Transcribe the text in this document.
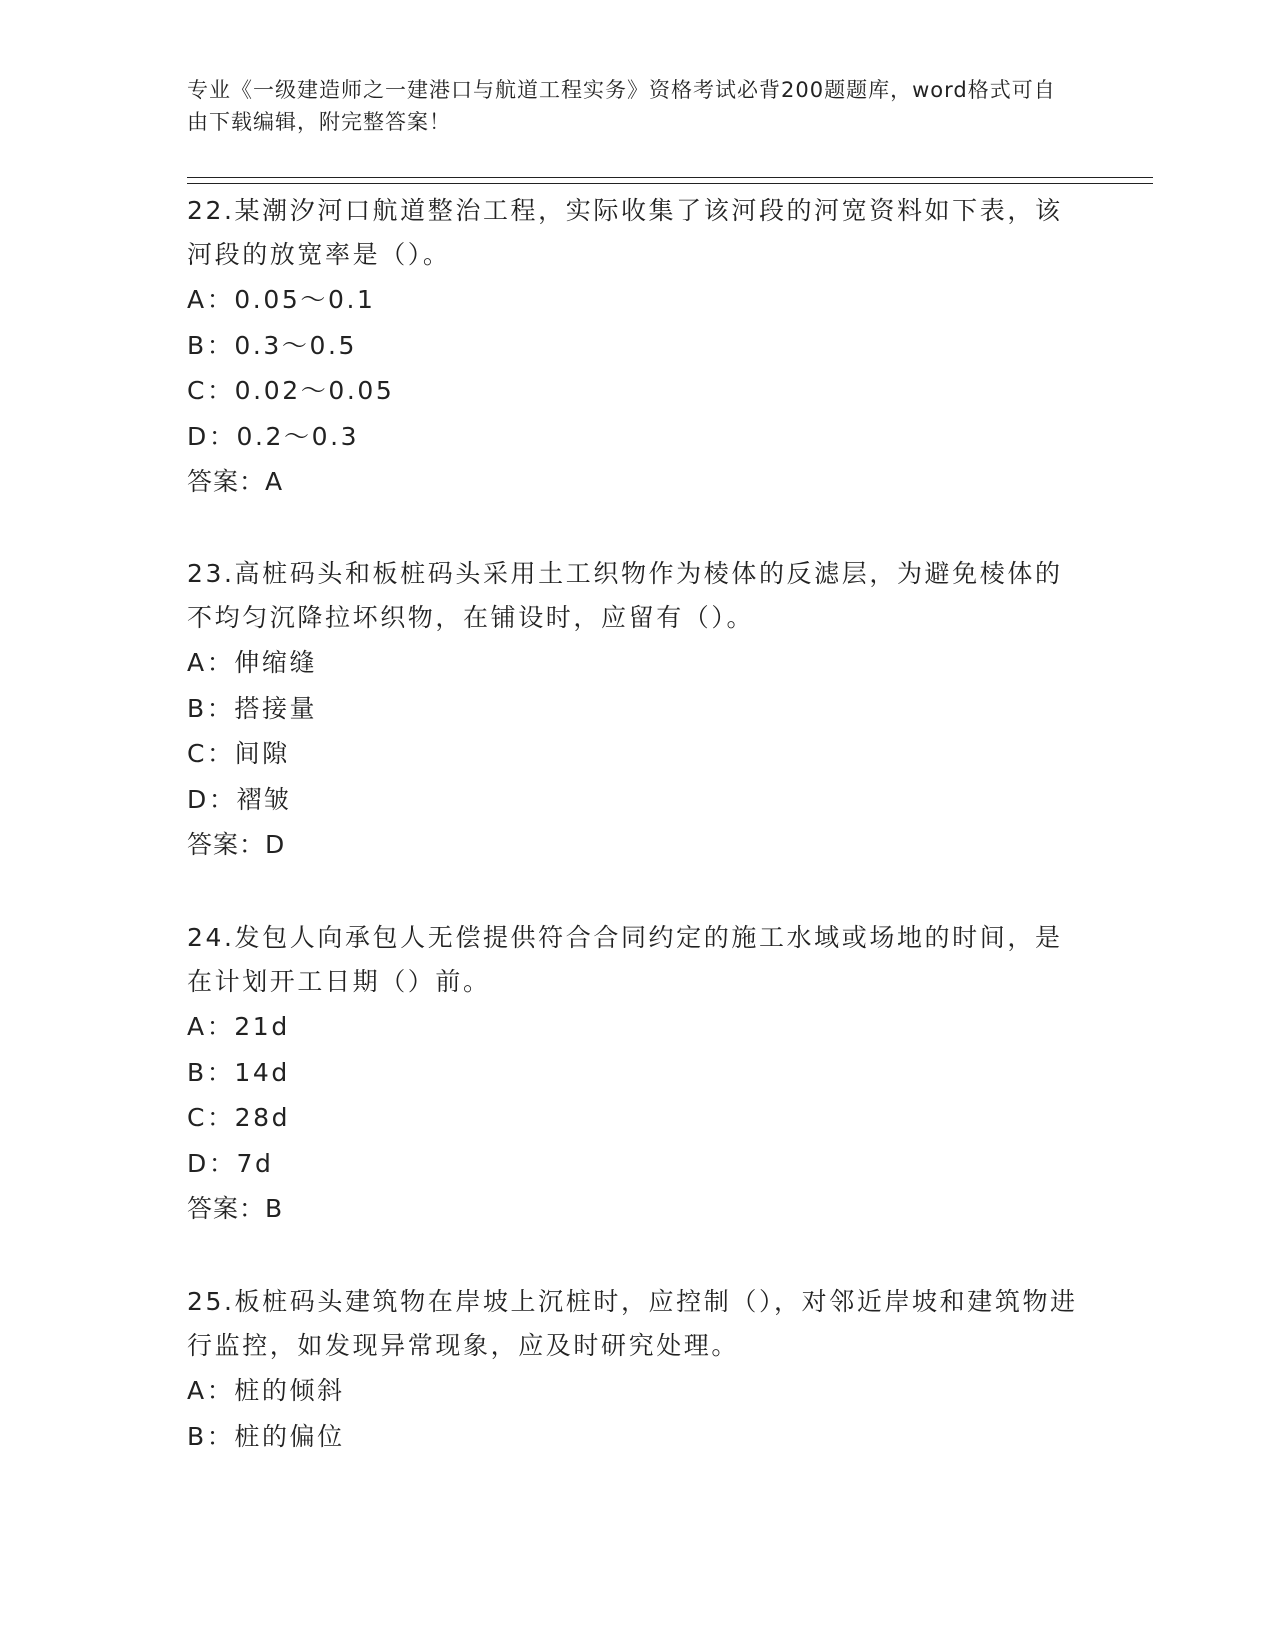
专业《一级建造师之一建港口与航道工程实务》资格考试必背200题题库，word格式可自由下载编辑，附完整答案！

22.某潮汐河口航道整治工程，实际收集了该河段的河宽资料如下表，该河段的放宽率是（）。

A：0.05～0.1

B：0.3～0.5

C：0.02～0.05

D：0.2～0.3

答案：A

23.高桩码头和板桩码头采用土工织物作为棱体的反滤层，为避免棱体的不均匀沉降拉坏织物，在铺设时，应留有（）。

A：伸缩缝

B：搭接量

C：间隙

D：褶皱

答案：D

24.发包人向承包人无偿提供符合合同约定的施工水域或场地的时间，是在计划开工日期（）前。

A：21d

B：14d

C：28d

D：7d

答案：B

25.板桩码头建筑物在岸坡上沉桩时，应控制（），对邻近岸坡和建筑物进行监控，如发现异常现象，应及时研究处理。

A：桩的倾斜

B：桩的偏位
